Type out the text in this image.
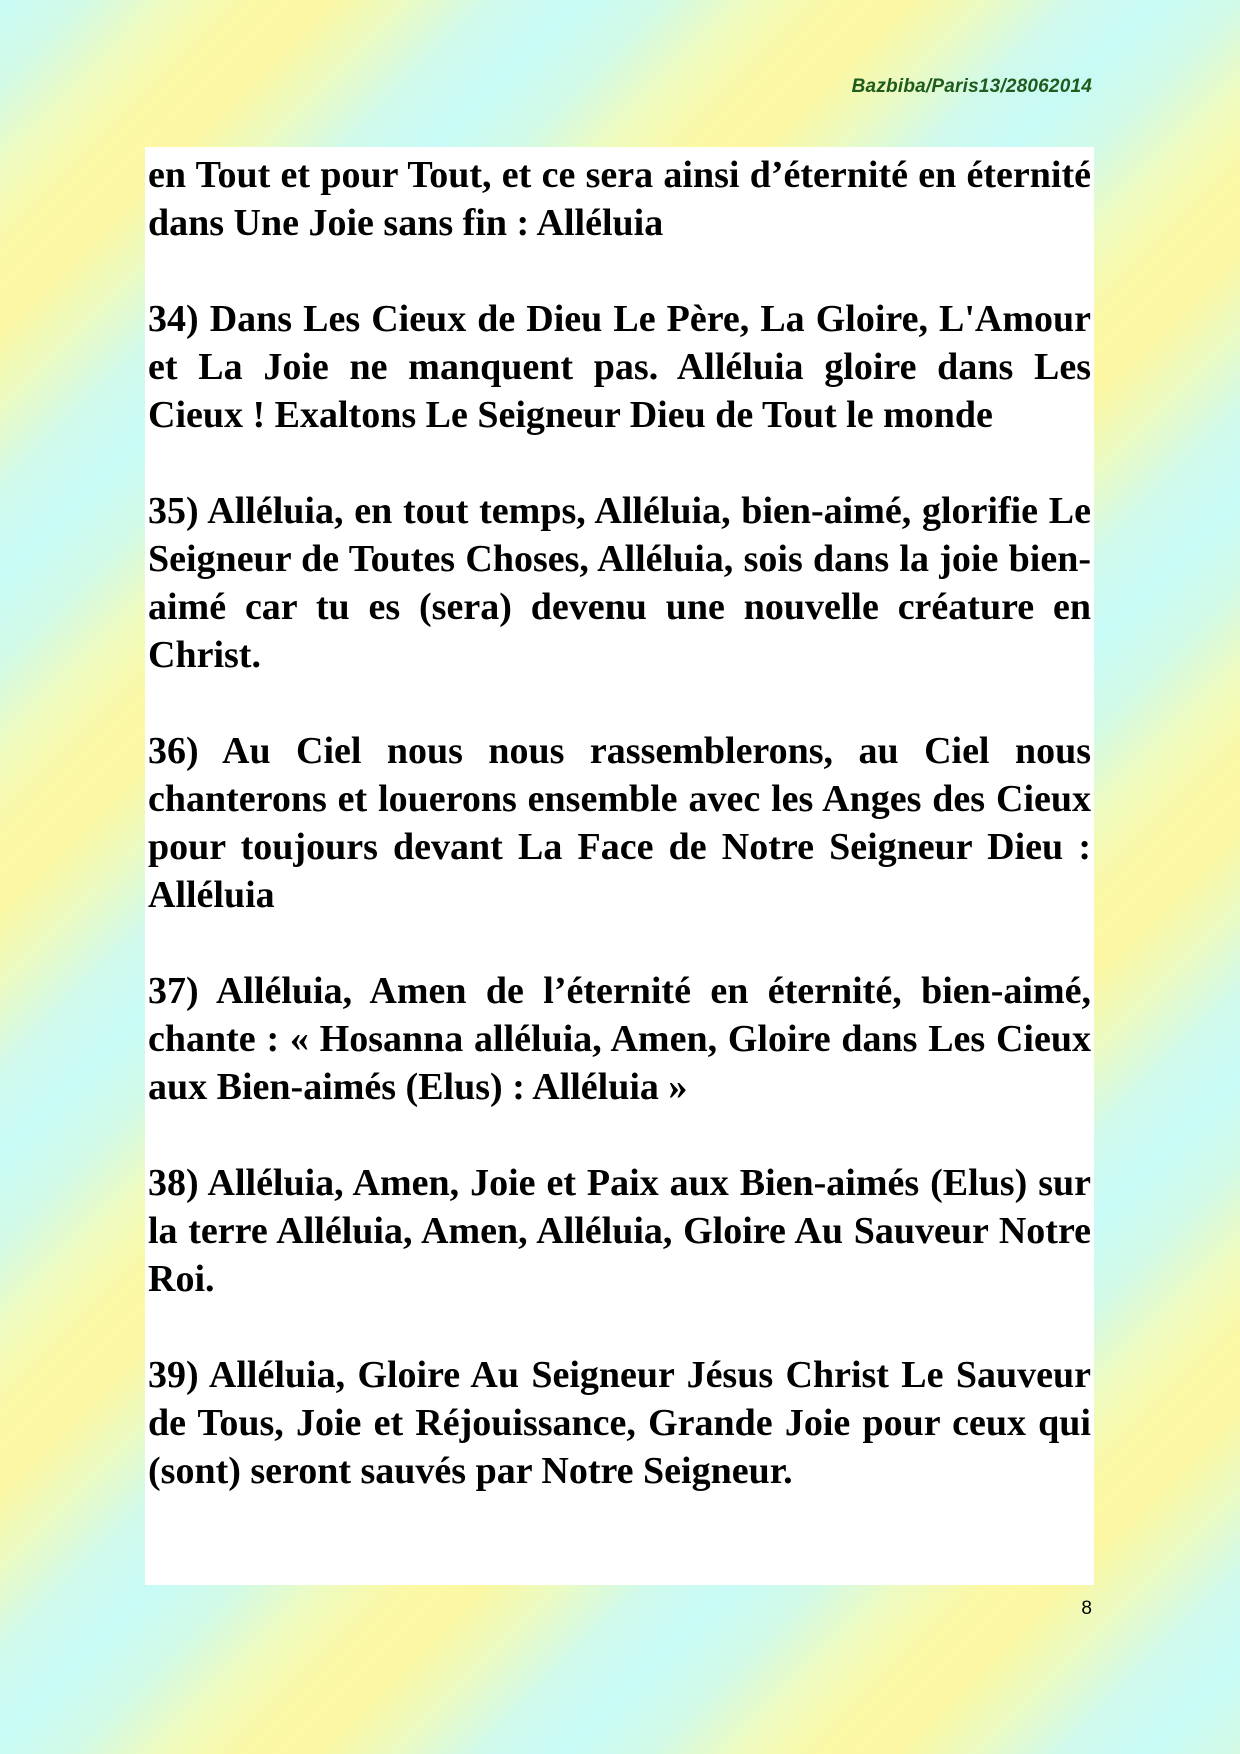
Bazbiba/Paris13/28062014

en Tout et pour Tout, et ce sera ainsi d’éternité en éternité dans Une Joie sans fin : Alléluia

34) Dans Les Cieux de Dieu Le Père, La Gloire, L'Amour et La Joie ne manquent pas. Alléluia gloire dans Les Cieux ! Exaltons Le Seigneur Dieu de Tout le monde

35) Alléluia, en tout temps, Alléluia, bien-aimé, glorifie Le Seigneur de Toutes Choses, Alléluia, sois dans la joie bien-aimé car tu es (sera) devenu une nouvelle créature en Christ.

36) Au Ciel nous nous rassemblerons, au Ciel nous chanterons et louerons ensemble avec les Anges des Cieux pour toujours devant La Face de Notre Seigneur Dieu : Alléluia

37) Alléluia, Amen de l’éternité en éternité, bien-aimé, chante : « Hosanna alléluia, Amen, Gloire dans Les Cieux aux Bien-aimés (Elus) : Alléluia »

38) Alléluia, Amen, Joie et Paix aux Bien-aimés (Elus) sur la terre Alléluia, Amen, Alléluia, Gloire Au Sauveur Notre Roi.

39) Alléluia, Gloire Au Seigneur Jésus Christ Le Sauveur de Tous, Joie et Réjouissance, Grande Joie pour ceux qui (sont) seront sauvés par Notre Seigneur.

8
